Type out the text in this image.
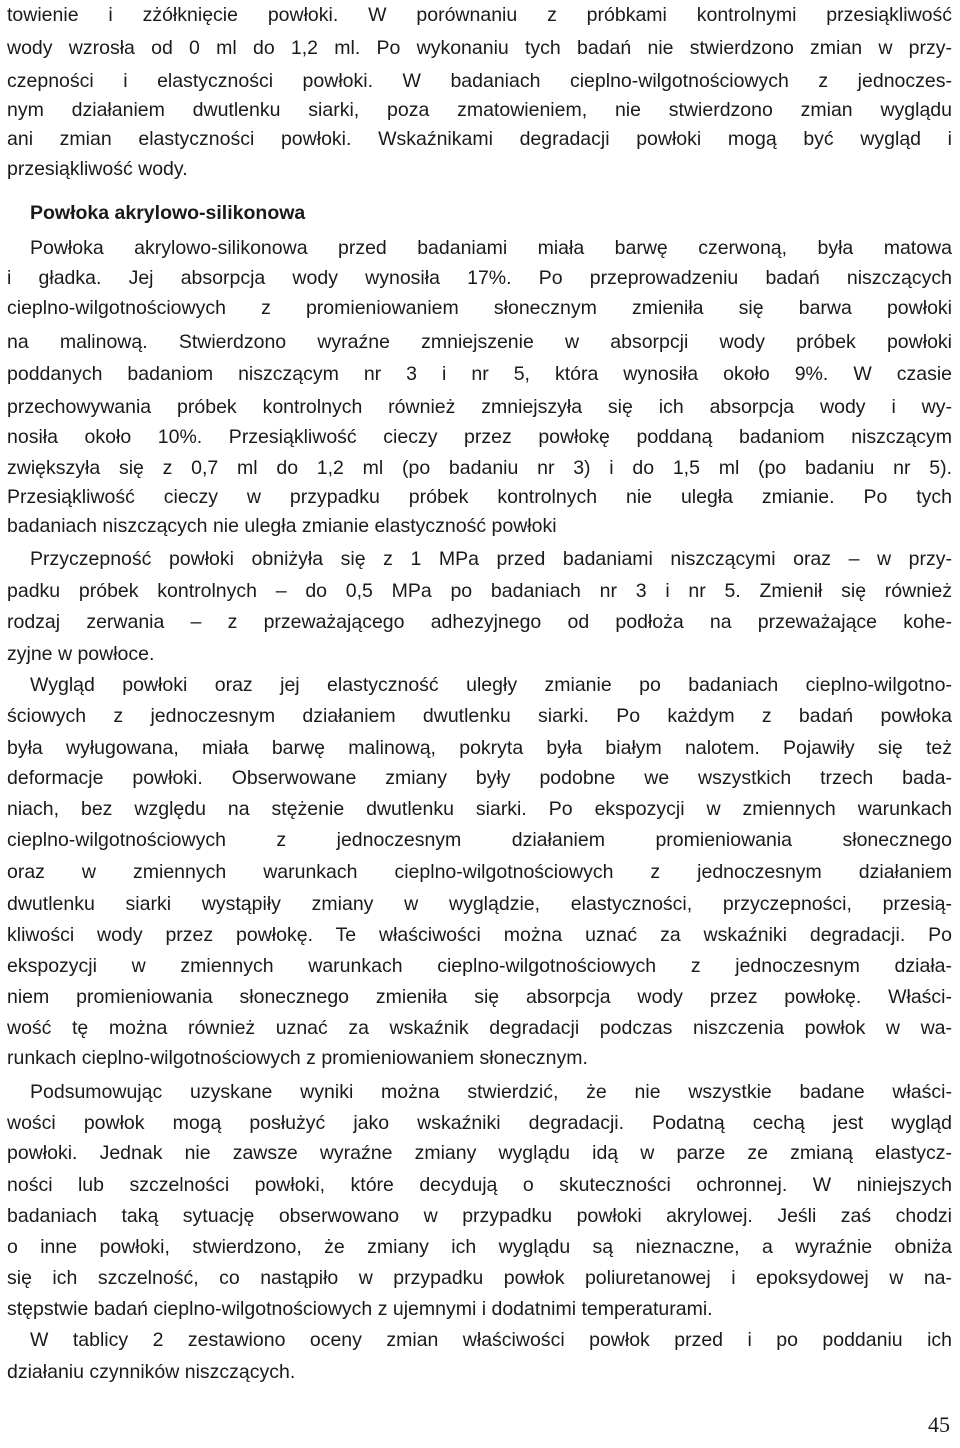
towienie i zżółknięcie powłoki. W porównaniu z próbkami kontrolnymi przesiąkliwość
wody wzrosła od 0 ml do 1,2 ml. Po wykonaniu tych badań nie stwierdzono zmian w przy-
czepności i elastyczności powłoki. W badaniach cieplno-wilgotnościowych z jednoczes-
nym działaniem dwutlenku siarki, poza zmatowieniem, nie stwierdzono zmian wyglądu
ani zmian elastyczności powłoki. Wskaźnikami degradacji powłoki mogą być wygląd i
przesiąkliwość wody.
Powłoka akrylowo-silikonowa
Powłoka akrylowo-silikonowa przed badaniami miała barwę czerwoną, była matowa
i gładka. Jej absorpcja wody wynosiła 17%. Po przeprowadzeniu badań niszczących
cieplno-wilgotnościowych z promieniowaniem słonecznym zmieniła się barwa powłoki
na malinową. Stwierdzono wyraźne zmniejszenie w absorpcji wody próbek powłoki
poddanych badaniom niszczącym nr 3 i nr 5, która wynosiła około 9%. W czasie
przechowywania próbek kontrolnych również zmniejszyła się ich absorpcja wody i wy-
nosiła około 10%. Przesiąkliwość cieczy przez powłokę poddaną badaniom niszczącym
zwiększyła się z 0,7 ml do 1,2 ml (po badaniu nr 3) i do 1,5 ml (po badaniu nr 5).
Przesiąkliwość cieczy w przypadku próbek kontrolnych nie uległa zmianie. Po tych
badaniach niszczących nie uległa zmianie elastyczność powłoki
Przyczepność powłoki obniżyła się z 1 MPa przed badaniami niszczącymi oraz – w przy-
padku próbek kontrolnych – do 0,5 MPa po badaniach nr 3 i nr 5. Zmienił się również
rodzaj zerwania – z przeważającego adhezyjnego od podłoża na przeważające kohe-
zyjne w powłoce.
Wygląd powłoki oraz jej elastyczność uległy zmianie po badaniach cieplno-wilgotno-
ściowych z jednoczesnym działaniem dwutlenku siarki. Po każdym z badań powłoka
była wyługowana, miała barwę malinową, pokryta była białym nalotem. Pojawiły się też
deformacje powłoki. Obserwowane zmiany były podobne we wszystkich trzech bada-
niach, bez względu na stężenie dwutlenku siarki. Po ekspozycji w zmiennych warunkach
cieplno-wilgotnościowych z jednoczesnym działaniem promieniowania słonecznego
oraz w zmiennych warunkach cieplno-wilgotnościowych z jednoczesnym działaniem
dwutlenku siarki wystąpiły zmiany w wyglądzie, elastyczności, przyczepności, przesią-
kliwości wody przez powłokę. Te właściwości można uznać za wskaźniki degradacji. Po
ekspozycji w zmiennych warunkach cieplno-wilgotnościowych z jednoczesnym działa-
niem promieniowania słonecznego zmieniła się absorpcja wody przez powłokę. Właści-
wość tę można również uznać za wskaźnik degradacji podczas niszczenia powłok w wa-
runkach cieplno-wilgotnościowych z promieniowaniem słonecznym.
Podsumowując uzyskane wyniki można stwierdzić, że nie wszystkie badane właści-
wości powłok mogą posłużyć jako wskaźniki degradacji. Podatną cechą jest wygląd
powłoki. Jednak nie zawsze wyraźne zmiany wyglądu idą w parze ze zmianą elastycz-
ności lub szczelności powłoki, które decydują o skuteczności ochronnej. W niniejszych
badaniach taką sytuację obserwowano w przypadku powłoki akrylowej. Jeśli zaś chodzi
o inne powłoki, stwierdzono, że zmiany ich wyglądu są nieznaczne, a wyraźnie obniża
się ich szczelność, co nastąpiło w przypadku powłok poliuretanowej i epoksydowej w na-
stępstwie badań cieplno-wilgotnościowych z ujemnymi i dodatnimi temperaturami.
W tablicy 2 zestawiono oceny zmian właściwości powłok przed i po poddaniu ich
działaniu czynników niszczących.
45
